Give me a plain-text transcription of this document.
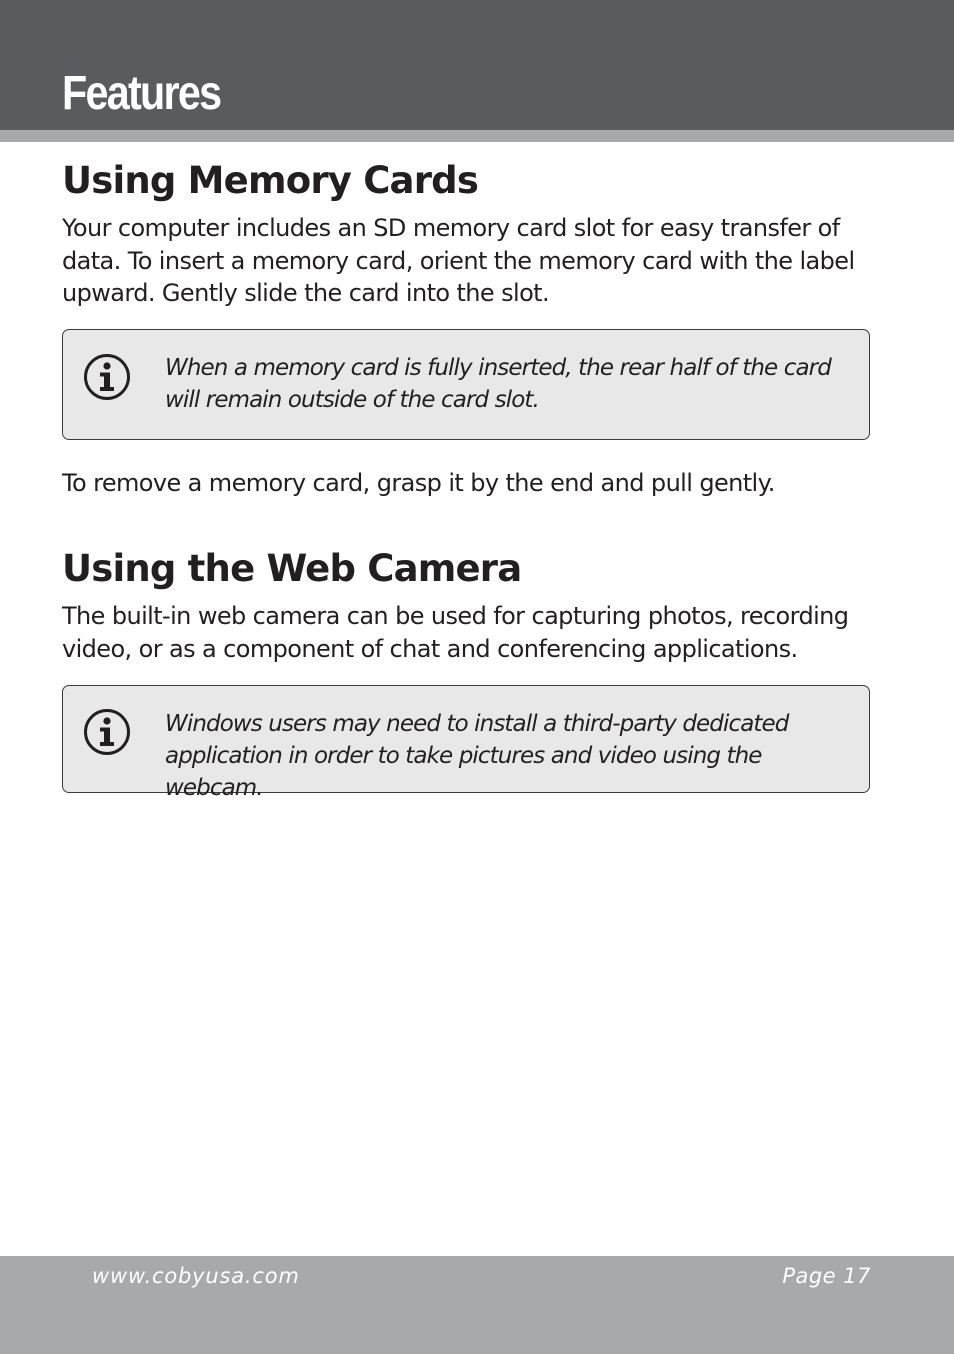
Features
Using Memory Cards

Your computer includes an SD memory card slot for easy transfer of data. To insert a memory card, orient the memory card with the label upward. Gently slide the card into the slot.

When a memory card is fully inserted, the rear half of the card will remain outside of the card slot.

To remove a memory card, grasp it by the end and pull gently.

Using the Web Camera

The built-in web camera can be used for capturing photos, recording video, or as a component of chat and conferencing applications.

Windows users may need to install a third-party dedicated application in order to take pictures and video using the webcam.

www.cobyusa.com	Page 17
